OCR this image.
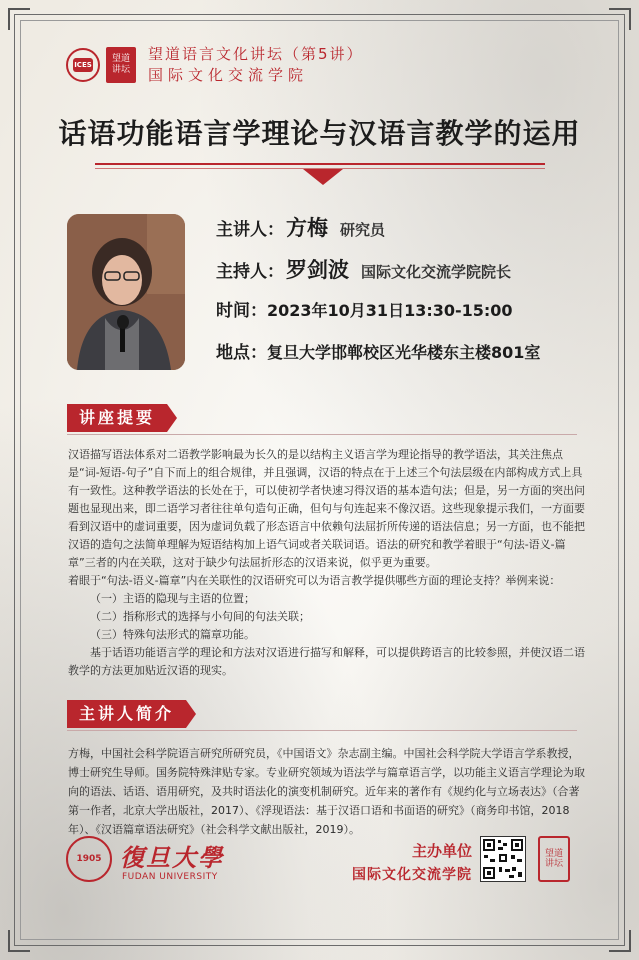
ICES
望道讲坛
望道语言文化讲坛（第5讲）
国际文化交流学院
话语功能语言学理论与汉语言教学的运用
主讲人： 方梅 研究员
主持人： 罗剑波 国际文化交流学院院长
时间： 2023年10月31日13:30-15:00
地点： 复旦大学邯郸校区光华楼东主楼801室
讲座提要

汉语描写语法体系对二语教学影响最为长久的是以结构主义语言学为理论指导的教学语法，其关注焦点是“词-短语-句子”自下而上的组合规律，并且强调，汉语的特点在于上述三个句法层级在内部构成方式上具有一致性。这种教学语法的长处在于，可以使初学者快速习得汉语的基本造句法；但是，另一方面的突出问题也显现出来，即二语学习者往往单句造句正确，但句与句连起来不像汉语。这些现象提示我们，一方面要看到汉语中的虚词重要，因为虚词负载了形态语言中依赖句法屈折所传递的语法信息；另一方面，也不能把汉语的造句之法简单理解为短语结构加上语气词或者关联词语。语法的研究和教学着眼于“句法-语义-篇章”三者的内在关联，这对于缺少句法屈折形态的汉语来说，似乎更为重要。

着眼于“句法-语义-篇章”内在关联性的汉语研究可以为语言教学提供哪些方面的理论支持？举例来说：

（一）主语的隐现与主语的位置；

（二）指称形式的选择与小句间的句法关联；

（三）特殊句法形式的篇章功能。

基于话语功能语言学的理论和方法对汉语进行描写和解释，可以提供跨语言的比较参照，并使汉语二语教学的方法更加贴近汉语的现实。

主讲人简介

方梅，中国社会科学院语言研究所研究员，《中国语文》杂志副主编。中国社会科学院大学语言学系教授，博士研究生导师。国务院特殊津贴专家。专业研究领域为语法学与篇章语言学，以功能主义语言学理论为取向的语法、话语、语用研究，及共时语法化的演变机制研究。近年来的著作有《规约化与立场表达》（合著第一作者，北京大学出版社，2017）、《浮现语法：基于汉语口语和书面语的研究》（商务印书馆，2018年）、《汉语篇章语法研究》（社会科学文献出版社，2019）。

1905 復旦大學
FUDAN UNIVERSITY
主办单位
国际文化交流学院
望道讲坛
